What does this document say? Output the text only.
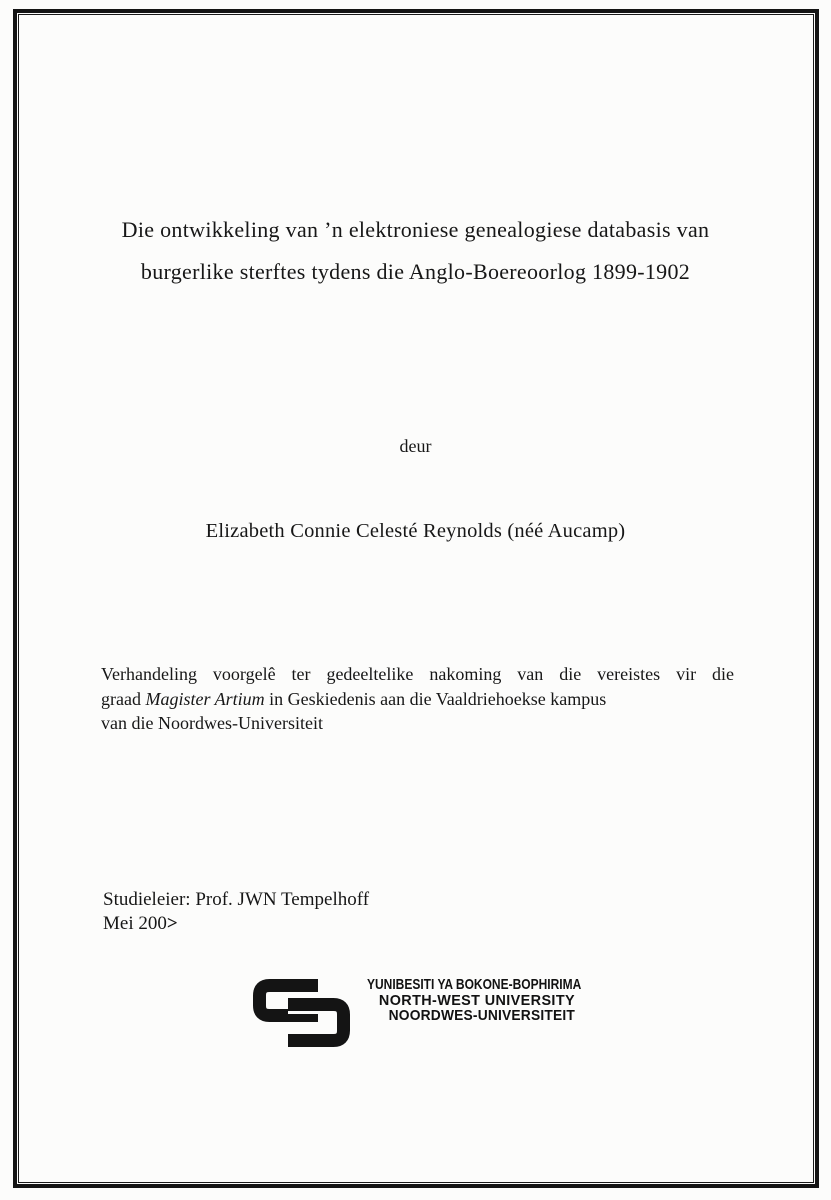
Die ontwikkeling van ’n elektroniese genealogiese databasis van
burgerlike sterftes tydens die Anglo-Boereoorlog 1899-1902
deur
Elizabeth Connie Celesté Reynolds (néé Aucamp)
Verhandeling voorgelê ter gedeeltelike nakoming van die vereistes vir die
graad Magister Artium in Geskiedenis aan die Vaaldriehoekse kampus
van die Noordwes-Universiteit
Studieleier: Prof. JWN Tempelhoff
Mei 200>
YUNIBESITI YA BOKONE-BOPHIRIMA
NORTH-WEST UNIVERSITY
NOORDWES-UNIVERSITEIT
